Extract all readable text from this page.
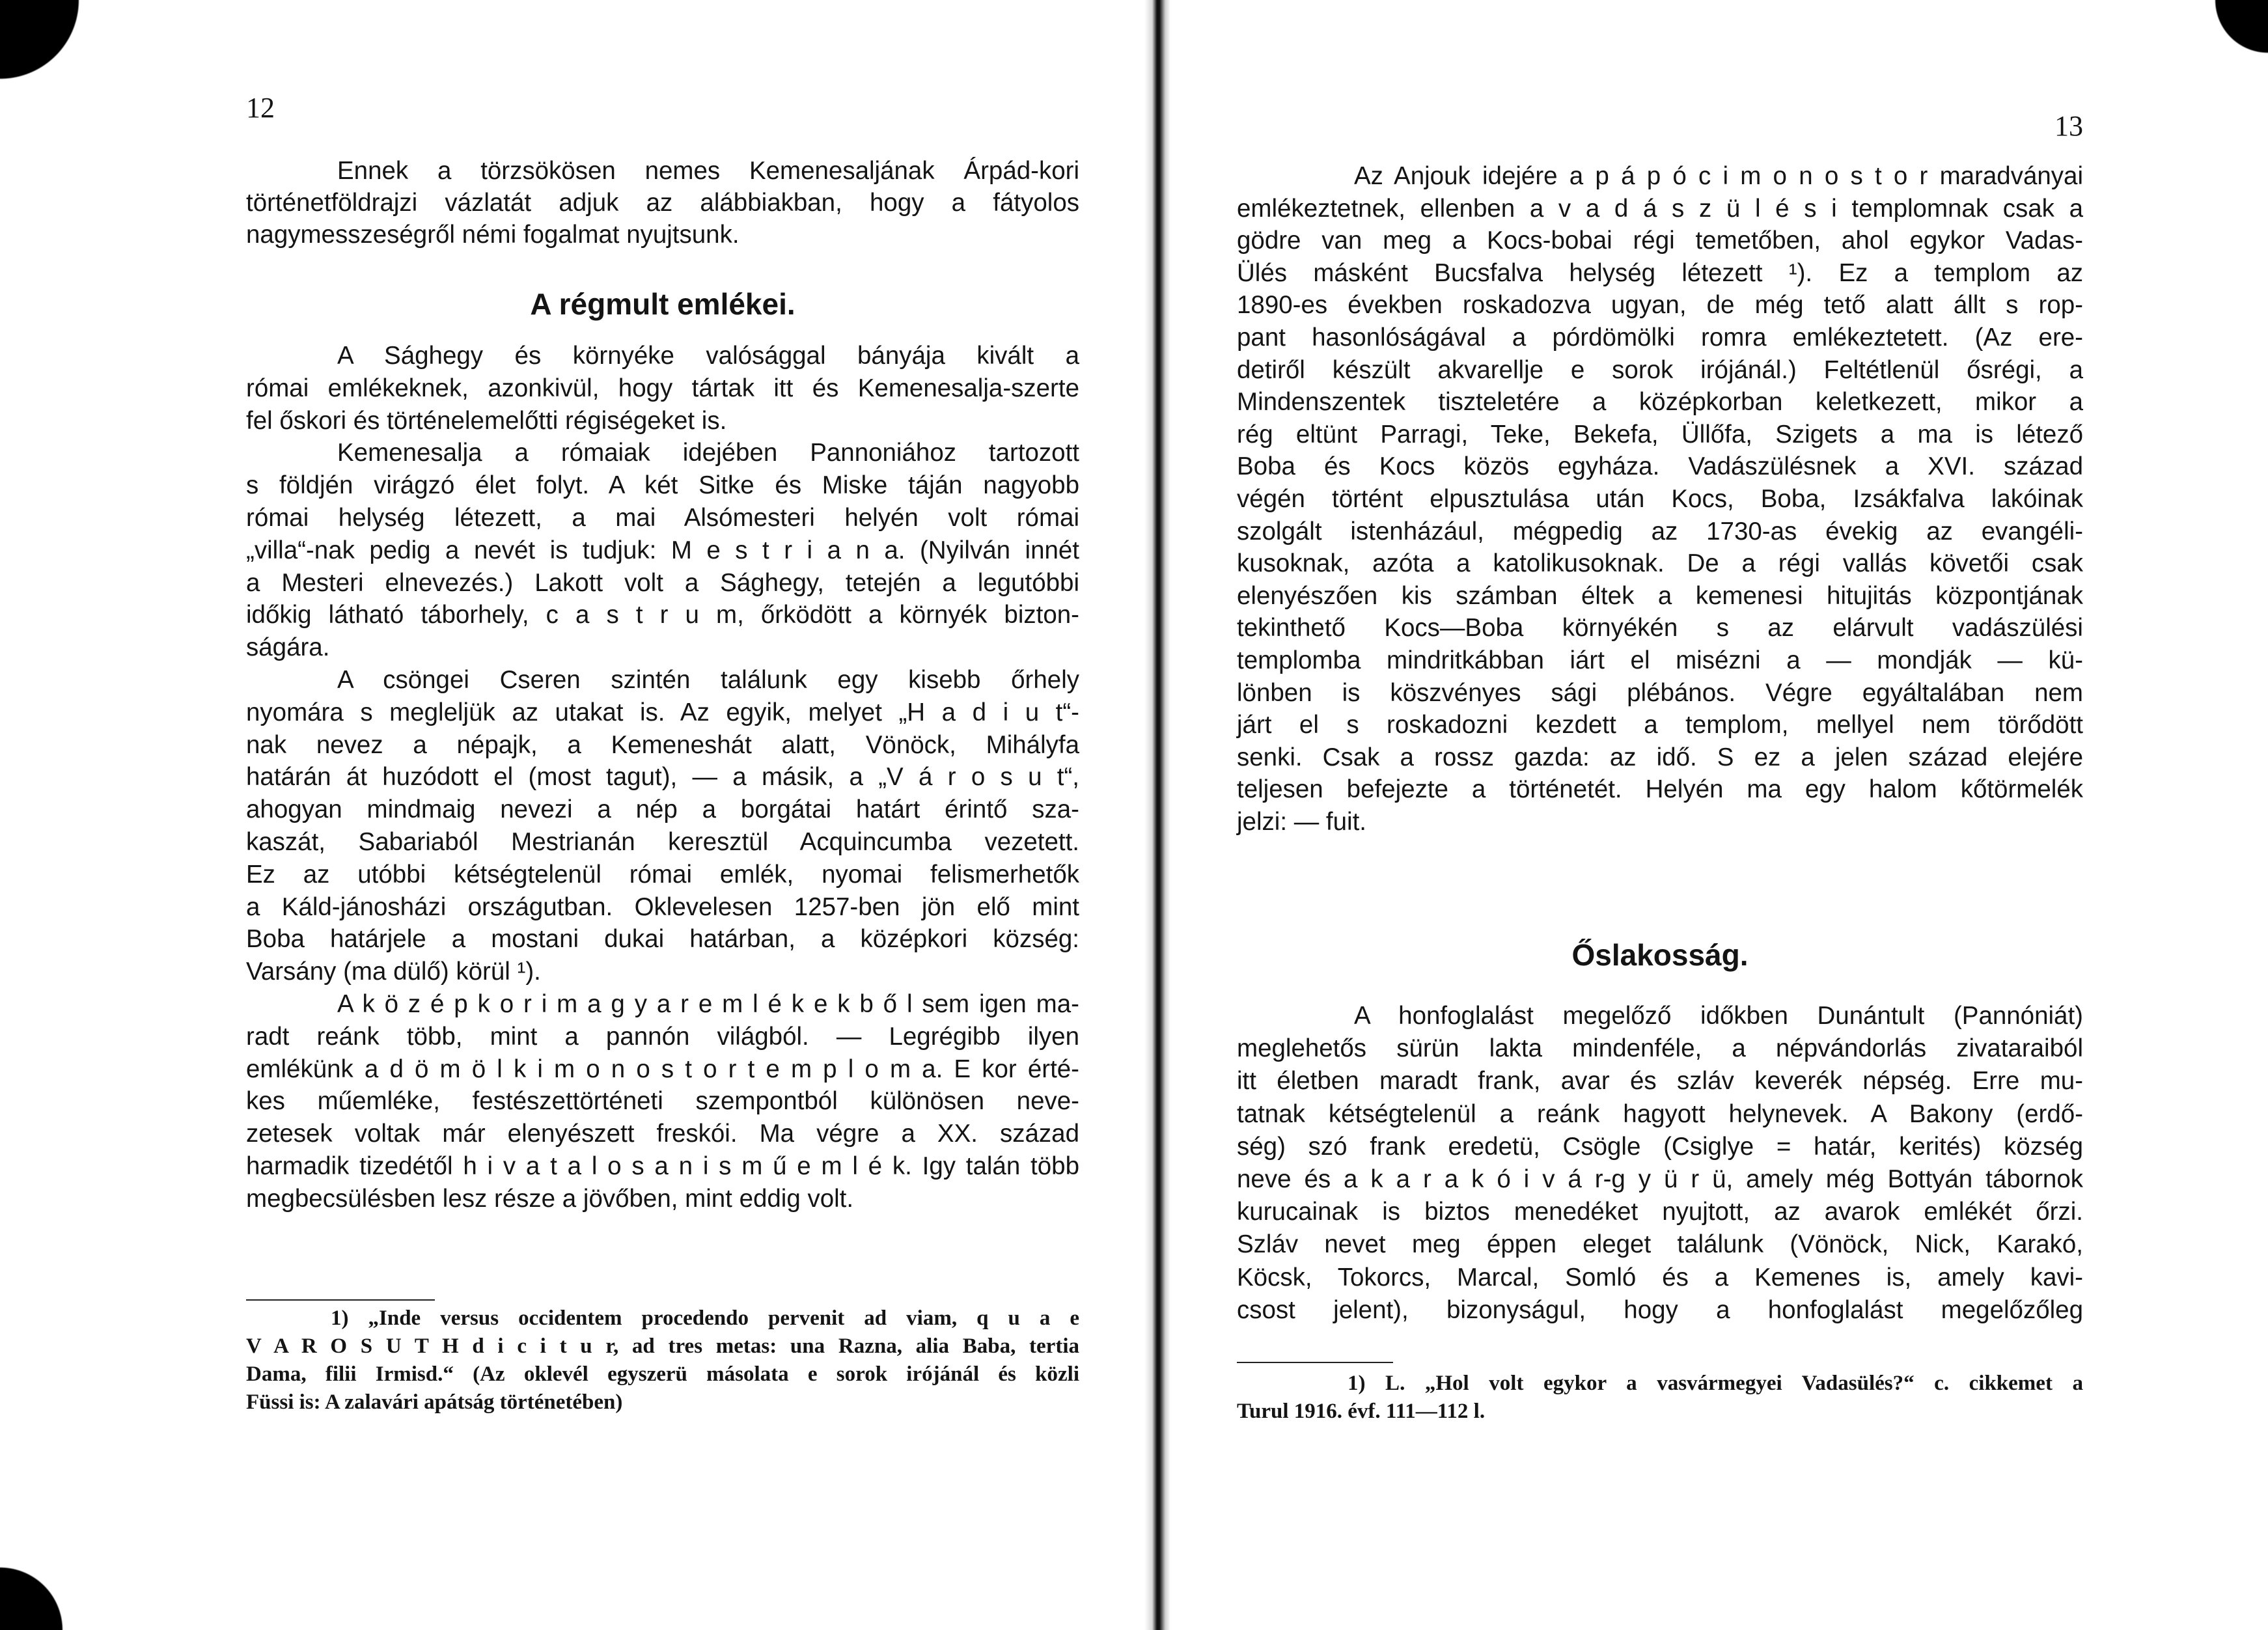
12
Ennek a törzsökösen nemes Kemenesaljának Árpád-kori
történetföldrajzi vázlatát adjuk az alábbiakban, hogy a fátyolos
nagymesszeségről némi fogalmat nyujtsunk.
A régmult emlékei.
A Sághegy és környéke valósággal bányája kivált a
római emlékeknek, azonkivül, hogy tártak itt és Kemenesalja-szerte
fel őskori és történelemelőtti régiségeket is.
Kemenesalja a rómaiak idejében Pannoniához tartozott
s földjén virágzó élet folyt. A két Sitke és Miske táján nagyobb
római helység létezett, a mai Alsómesteri helyén volt római
„villa“-nak pedig a nevét is tudjuk: M e s t r i a n a. (Nyilván innét
a Mesteri elnevezés.) Lakott volt a Sághegy, tetején a legutóbbi
időkig látható táborhely, c a s t r u m, őrködött a környék bizton-
ságára.
A csöngei Cseren szintén találunk egy kisebb őrhely
nyomára s megleljük az utakat is. Az egyik, melyet „H a d i u t“-
nak nevez a népajk, a Kemeneshát alatt, Vönöck, Mihályfa
határán át huzódott el (most tagut), — a másik, a „V á r o s u t“,
ahogyan mindmaig nevezi a nép a borgátai határt érintő sza-
kaszát, Sabariaból Mestrianán keresztül Acquincumba vezetett.
Ez az utóbbi kétségtelenül római emlék, nyomai felismerhetők
a Káld-jánosházi országutban. Oklevelesen 1257-ben jön elő mint
Boba határjele a mostani dukai határban, a középkori község:
Varsány (ma dülő) körül ¹).
A k ö z é p k o r i m a g y a r e m l é k e k b ő l sem igen ma-
radt reánk több, mint a pannón világból. — Legrégibb ilyen
emlékünk a d ö m ö l k i m o n o s t o r t e m p l o m a. E kor érté-
kes műemléke, festészettörténeti szempontból különösen neve-
zetesek voltak már elenyészett freskói. Ma végre a XX. század
harmadik tizedétől h i v a t a l o s a n i s m ű e m l é k. Igy talán több
megbecsülésben lesz része a jövőben, mint eddig volt.
1) „Inde versus occidentem procedendo pervenit ad viam, q u a e
V A R O S U T H d i c i t u r, ad tres metas: una Razna, alia Baba, tertia
Dama, filii Irmisd.“ (Az oklevél egyszerü másolata e sorok irójánál és közli
Füssi is: A zalavári apátság történetében)
13
Az Anjouk idejére a p á p ó c i m o n o s t o r maradványai
emlékeztetnek, ellenben a v a d á s z ü l é s i templomnak csak a
gödre van meg a Kocs-bobai régi temetőben, ahol egykor Vadas-
Ülés másként Bucsfalva helység létezett ¹). Ez a templom az
1890-es években roskadozva ugyan, de még tető alatt állt s rop-
pant hasonlóságával a pórdömölki romra emlékeztetett. (Az ere-
detiről készült akvarellje e sorok irójánál.) Feltétlenül ősrégi, a
Mindenszentek tiszteletére a középkorban keletkezett, mikor a
rég eltünt Parragi, Teke, Bekefa, Üllőfa, Szigets a ma is létező
Boba és Kocs közös egyháza. Vadászülésnek a XVI. század
végén történt elpusztulása után Kocs, Boba, Izsákfalva lakóinak
szolgált istenházául, mégpedig az 1730-as évekig az evangéli-
kusoknak, azóta a katolikusoknak. De a régi vallás követői csak
elenyészően kis számban éltek a kemenesi hitujitás központjának
tekinthető Kocs—Boba környékén s az elárvult vadászülési
templomba mindritkábban iárt el misézni a — mondják — kü-
lönben is köszvényes sági plébános. Végre egyáltalában nem
járt el s roskadozni kezdett a templom, mellyel nem törődött
senki. Csak a rossz gazda: az idő. S ez a jelen század elejére
teljesen befejezte a történetét. Helyén ma egy halom kőtörmelék
jelzi: — fuit.
Őslakosság.
A honfoglalást megelőző időkben Dunántult (Pannóniát)
meglehetős sürün lakta mindenféle, a népvándorlás zivataraiból
itt életben maradt frank, avar és szláv keverék népség. Erre mu-
tatnak kétségtelenül a reánk hagyott helynevek. A Bakony (erdő-
ség) szó frank eredetü, Csögle (Csiglye = határ, kerités) község
neve és a k a r a k ó i v á r-g y ü r ü, amely még Bottyán tábornok
kurucainak is biztos menedéket nyujtott, az avarok emlékét őrzi.
Szláv nevet meg éppen eleget találunk (Vönöck, Nick, Karakó,
Köcsk, Tokorcs, Marcal, Somló és a Kemenes is, amely kavi-
csost jelent), bizonyságul, hogy a honfoglalást megelőzőleg
1) L. „Hol volt egykor a vasvármegyei Vadasülés?“ c. cikkemet a
Turul 1916. évf. 111—112 l.
